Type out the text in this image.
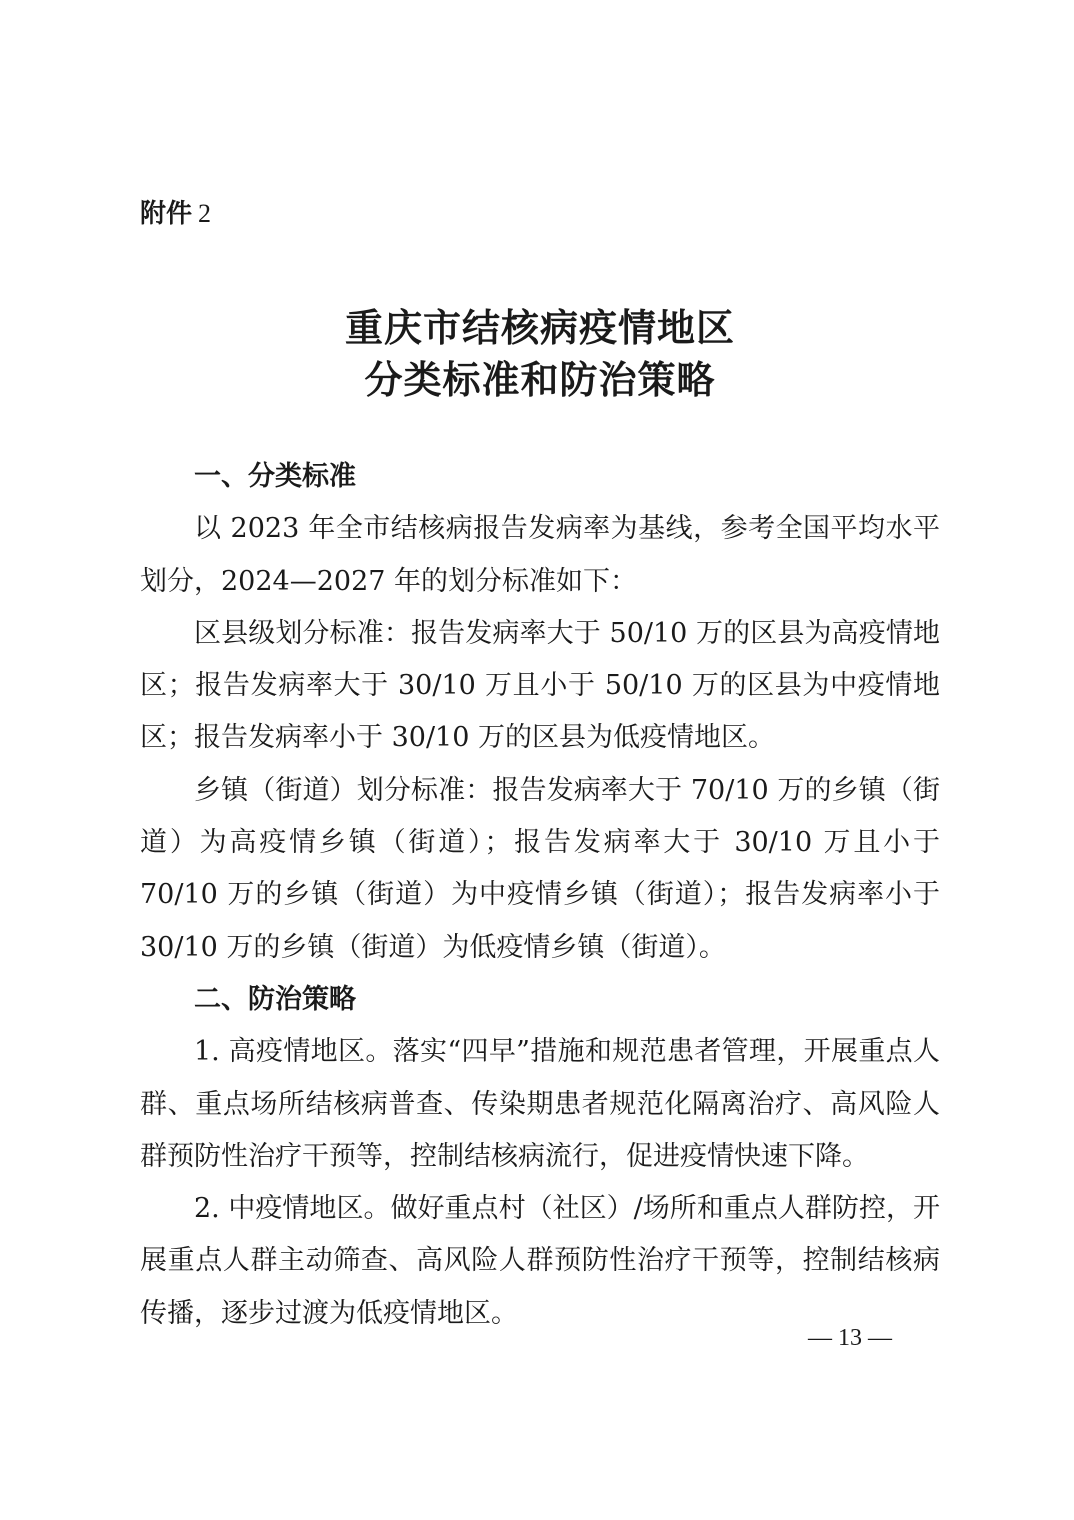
附件 2
重庆市结核病疫情地区
分类标准和防治策略

一、分类标准

以 2023 年全市结核病报告发病率为基线，参考全国平均水平划分，2024—2027 年的划分标准如下：

区县级划分标准：报告发病率大于 50/10 万的区县为高疫情地区；报告发病率大于 30/10 万且小于 50/10 万的区县为中疫情地区；报告发病率小于 30/10 万的区县为低疫情地区。

乡镇（街道）划分标准：报告发病率大于 70/10 万的乡镇（街道）为高疫情乡镇（街道）；报告发病率大于 30/10 万且小于 70/10 万的乡镇（街道）为中疫情乡镇（街道）；报告发病率小于 30/10 万的乡镇（街道）为低疫情乡镇（街道）。

二、防治策略

1. 高疫情地区。落实“四早”措施和规范患者管理，开展重点人群、重点场所结核病普查、传染期患者规范化隔离治疗、高风险人群预防性治疗干预等，控制结核病流行，促进疫情快速下降。

2. 中疫情地区。做好重点村（社区）/场所和重点人群防控，开展重点人群主动筛查、高风险人群预防性治疗干预等，控制结核病传播，逐步过渡为低疫情地区。

— 13 —
